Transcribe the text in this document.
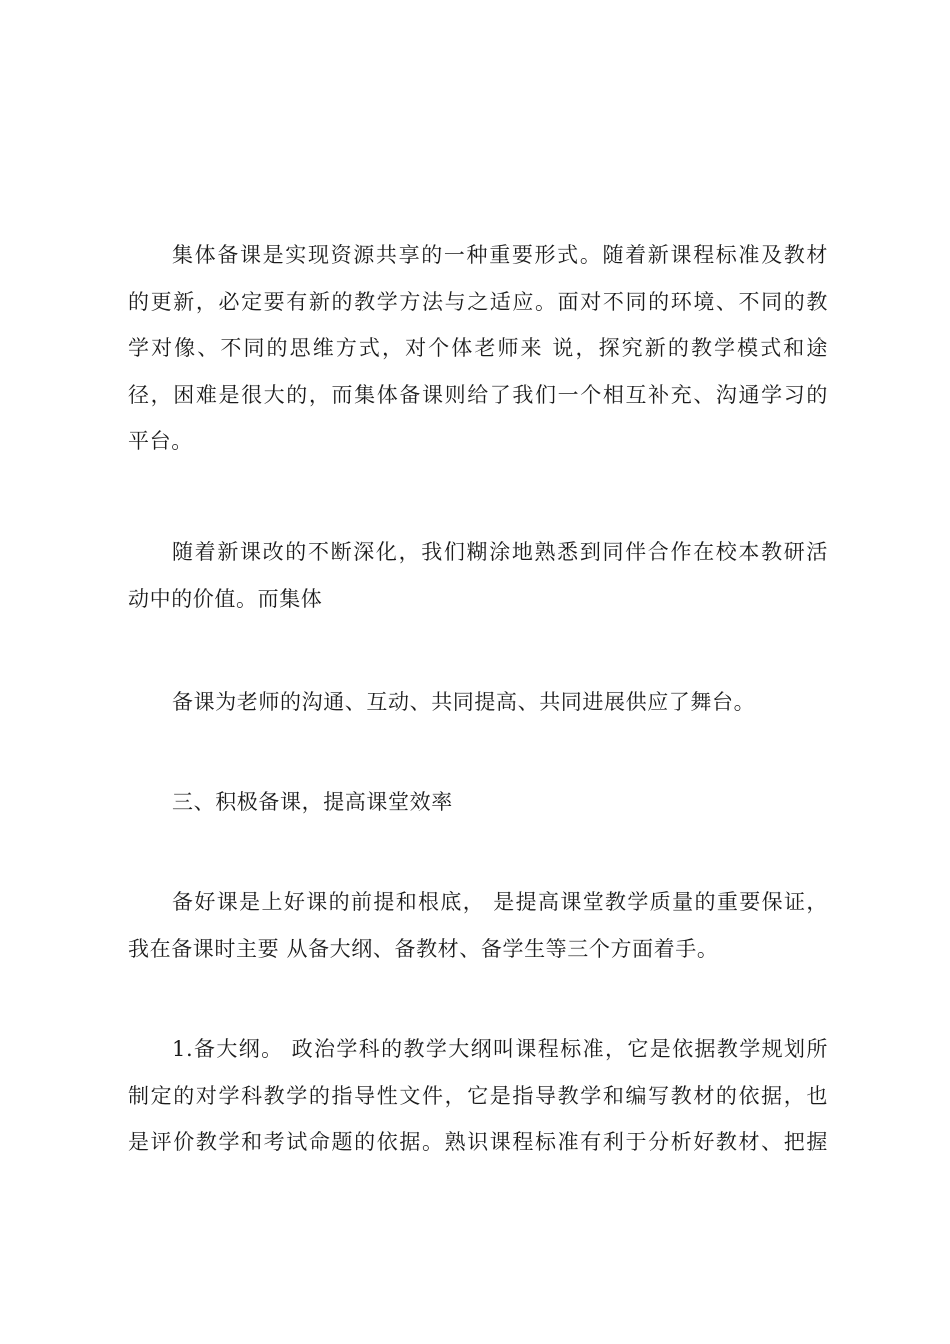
集体备课是实现资源共享的一种重要形式。随着新课程标准及教材
的更新，必定要有新的教学方法与之适应。面对不同的环境、不同的教
学对像、不同的思维方式，对个体老师来 说，探究新的教学模式和途
径，困难是很大的，而集体备课则给了我们一个相互补充、沟通学习的
平台。
随着新课改的不断深化，我们糊涂地熟悉到同伴合作在校本教研活
动中的价值。而集体
备课为老师的沟通、互动、共同提高、共同进展供应了舞台。
三、积极备课，提高课堂效率
备好课是上好课的前提和根底， 是提高课堂教学质量的重要保证，
我在备课时主要 从备大纲、备教材、备学生等三个方面着手。
1.备大纲。 政治学科的教学大纲叫课程标准，它是依据教学规划所
制定的对学科教学的指导性文件，它是指导教学和编写教材的依据，也
是评价教学和考试命题的依据。熟识课程标准有利于分析好教材、把握
